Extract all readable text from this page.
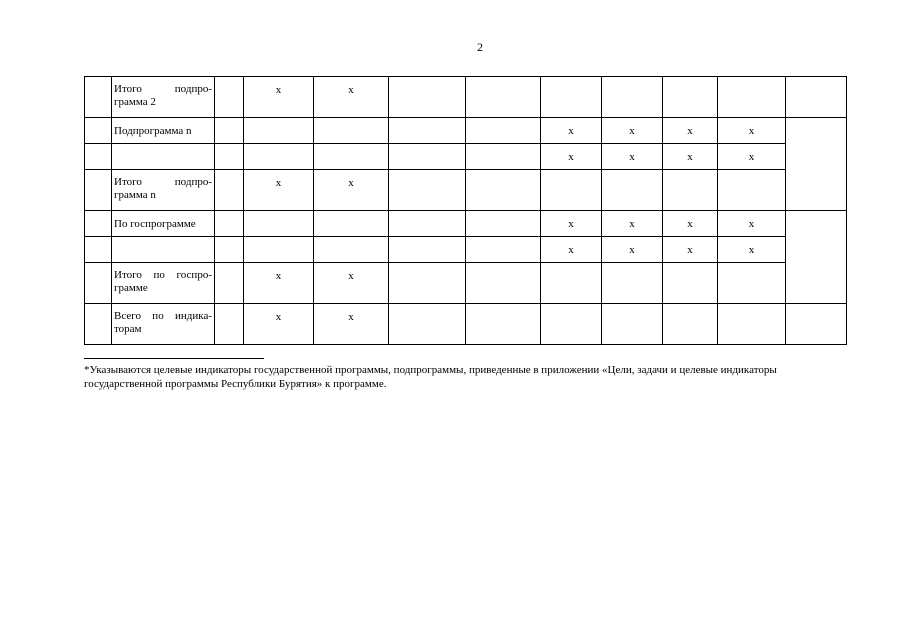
2
	Итого подпро-грамма 2		x	x							
	Подпрограмма n						x	x	x	x	
							x	x	x	x	
	Итого подпро-грамма n		x	x							
	По госпрограмме						x	x	x	x	
							x	x	x	x	
	Итого по госпро-грамме		x	x							
	Всего по индика-торам		x	x							
*Указываются целевые индикаторы государственной программы, подпрограммы, приведенные в приложении «Цели, задачи и целевые индикаторы государственной программы Республики Бурятия» к программе.
